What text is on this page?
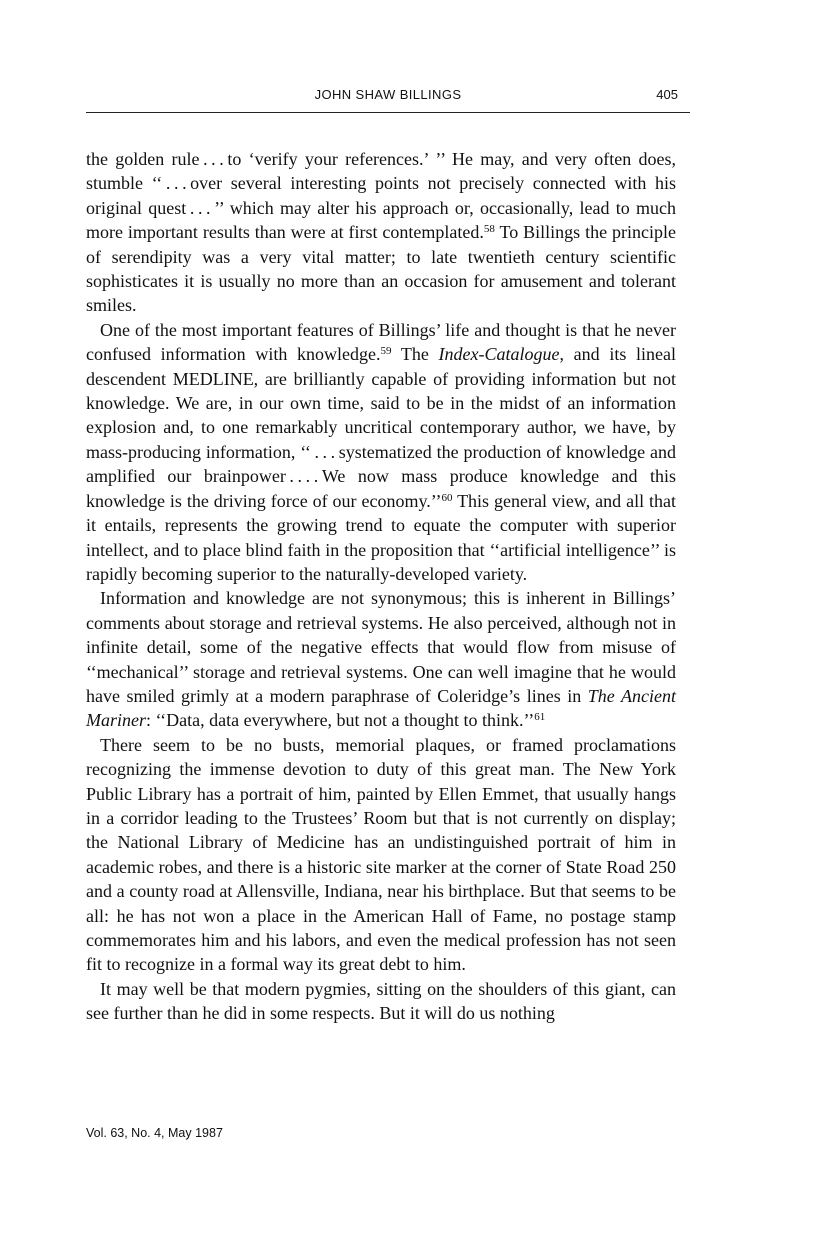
JOHN SHAW BILLINGS	405

the golden rule . . . to ‘verify your references.’ ’’ He may, and very often does, stumble ‘‘ . . . over several interesting points not precisely connected with his original quest . . . ’’ which may alter his approach or, occasionally, lead to much more important results than were at first contemplated.$^{58}$ To Billings the principle of serendipity was a very vital matter; to late twentieth century scientific sophisticates it is usually no more than an occasion for amusement and tolerant smiles.

One of the most important features of Billings’ life and thought is that he never confused information with knowledge.$^{59}$ The Index-Catalogue, and its lineal descendent MEDLINE, are brilliantly capable of providing information but not knowledge. We are, in our own time, said to be in the midst of an information explosion and, to one remarkably uncritical contemporary author, we have, by mass-producing information, ‘‘ . . . systematized the production of knowledge and amplified our brainpower . . . . We now mass produce knowledge and this knowledge is the driving force of our economy.’’$^{60}$ This general view, and all that it entails, represents the growing trend to equate the computer with superior intellect, and to place blind faith in the proposition that ‘‘artificial intelligence’’ is rapidly becoming superior to the naturally-developed variety.

Information and knowledge are not synonymous; this is inherent in Billings’ comments about storage and retrieval systems. He also perceived, although not in infinite detail, some of the negative effects that would flow from misuse of ‘‘mechanical’’ storage and retrieval systems. One can well imagine that he would have smiled grimly at a modern paraphrase of Coleridge’s lines in The Ancient Mariner: ‘‘Data, data everywhere, but not a thought to think.’’$^{61}$

There seem to be no busts, memorial plaques, or framed proclamations recognizing the immense devotion to duty of this great man. The New York Public Library has a portrait of him, painted by Ellen Emmet, that usually hangs in a corridor leading to the Trustees’ Room but that is not currently on display; the National Library of Medicine has an undistinguished portrait of him in academic robes, and there is a historic site marker at the corner of State Road 250 and a county road at Allensville, Indiana, near his birthplace. But that seems to be all: he has not won a place in the American Hall of Fame, no postage stamp commemorates him and his labors, and even the medical profession has not seen fit to recognize in a formal way its great debt to him.

It may well be that modern pygmies, sitting on the shoulders of this giant, can see further than he did in some respects. But it will do us nothing

Vol. 63, No. 4, May 1987
